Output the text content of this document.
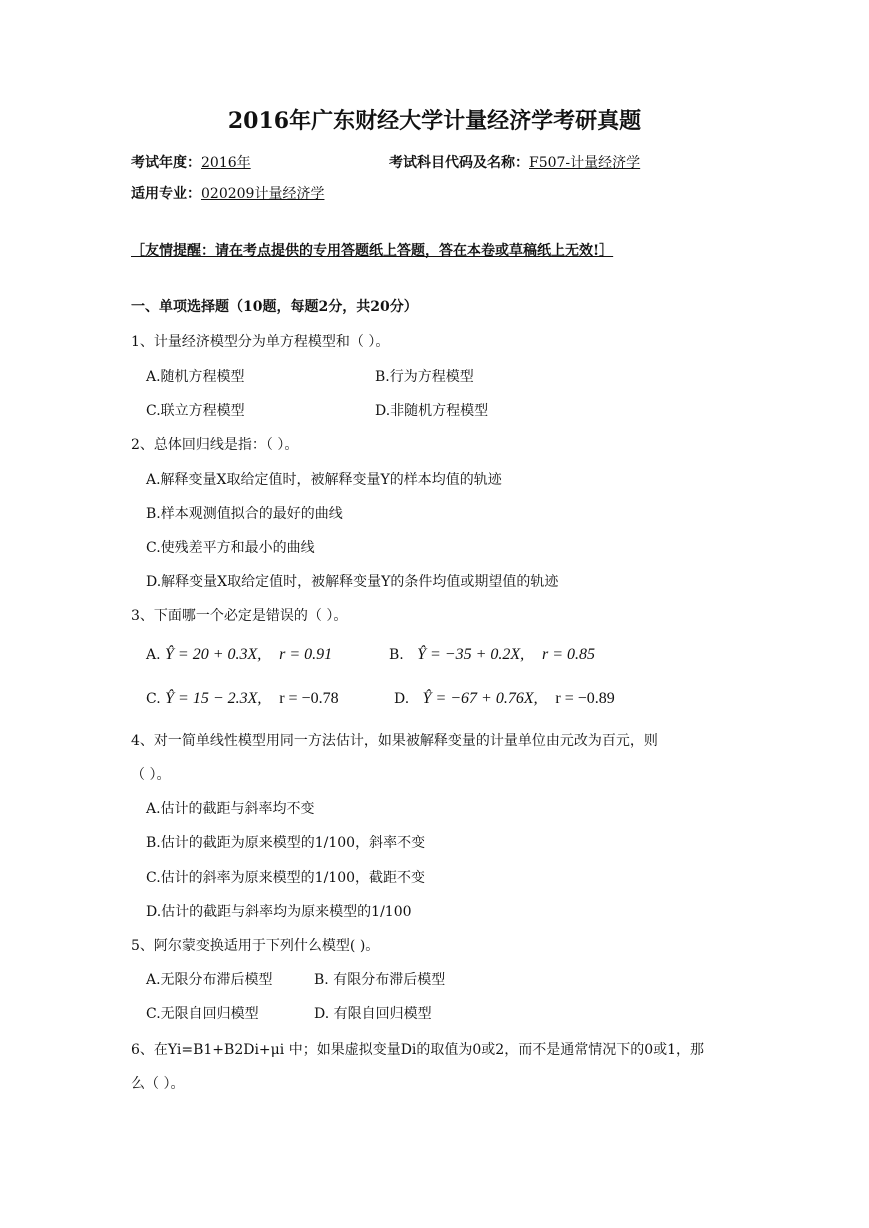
2016年广东财经大学计量经济学考研真题
考试年度：2016年	考试科目代码及名称：F507-计量经济学
适用专业：020209计量经济学
［友情提醒：请在考点提供的专用答题纸上答题，答在本卷或草稿纸上无效!］
一、单项选择题（10题，每题2分，共20分）
1、计量经济模型分为单方程模型和（ ）。
A.随机方程模型	B.行为方程模型
C.联立方程模型	D.非随机方程模型
2、总体回归线是指：（ ）。
A.解释变量X取给定值时，被解释变量Y的样本均值的轨迹
B.样本观测值拟合的最好的曲线
C.使残差平方和最小的曲线
D.解释变量X取给定值时，被解释变量Y的条件均值或期望值的轨迹
3、下面哪一个必定是错误的（ ）。
A. Ŷ = 20 + 0.3X, r = 0.91	B. Ŷ = −35 + 0.2X, r = 0.85
C. Ŷ = 15 − 2.3X, r = −0.78	D. Ŷ = −67 + 0.76X, r = −0.89
4、对一简单线性模型用同一方法估计，如果被解释变量的计量单位由元改为百元，则
（ ）。
A.估计的截距与斜率均不变
B.估计的截距为原来模型的1/100，斜率不变
C.估计的斜率为原来模型的1/100，截距不变
D.估计的截距与斜率均为原来模型的1/100
5、阿尔蒙变换适用于下列什么模型( )。
A.无限分布滞后模型	B. 有限分布滞后模型
C.无限自回归模型	D. 有限自回归模型
6、在Yi=B1+B2Di+μi 中；如果虚拟变量Di的取值为0或2，而不是通常情况下的0或1，那
么（ ）。
